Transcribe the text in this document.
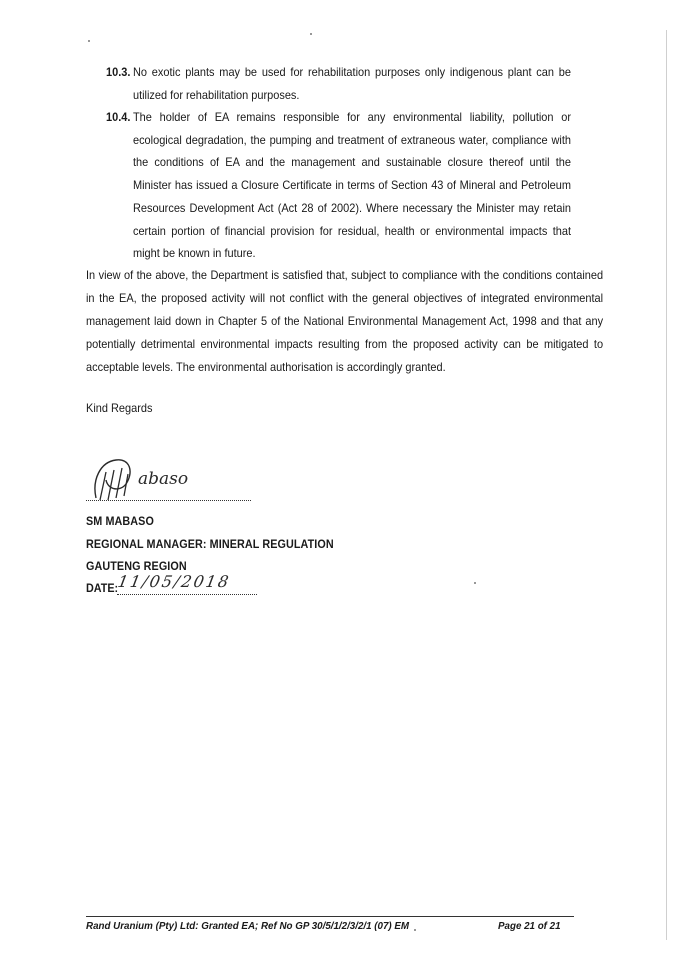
10.3. No exotic plants may be used for rehabilitation purposes only indigenous plant can be utilized for rehabilitation purposes.
10.4. The holder of EA remains responsible for any environmental liability, pollution or ecological degradation, the pumping and treatment of extraneous water, compliance with the conditions of EA and the management and sustainable closure thereof until the Minister has issued a Closure Certificate in terms of Section 43 of Mineral and Petroleum Resources Development Act (Act 28 of 2002). Where necessary the Minister may retain certain portion of financial provision for residual, health or environmental impacts that might be known in future.
In view of the above, the Department is satisfied that, subject to compliance with the conditions contained in the EA, the proposed activity will not conflict with the general objectives of integrated environmental management laid down in Chapter 5 of the National Environmental Management Act, 1998 and that any potentially detrimental environmental impacts resulting from the proposed activity can be mitigated to acceptable levels. The environmental authorisation is accordingly granted.
Kind Regards
abaso
SM MABASO
REGIONAL MANAGER: MINERAL REGULATION
GAUTENG REGION
DATE:
11/05/2018
Rand Uranium (Pty) Ltd: Granted EA; Ref No GP 30/5/1/2/3/2/1 (07) EM	Page 21 of 21
